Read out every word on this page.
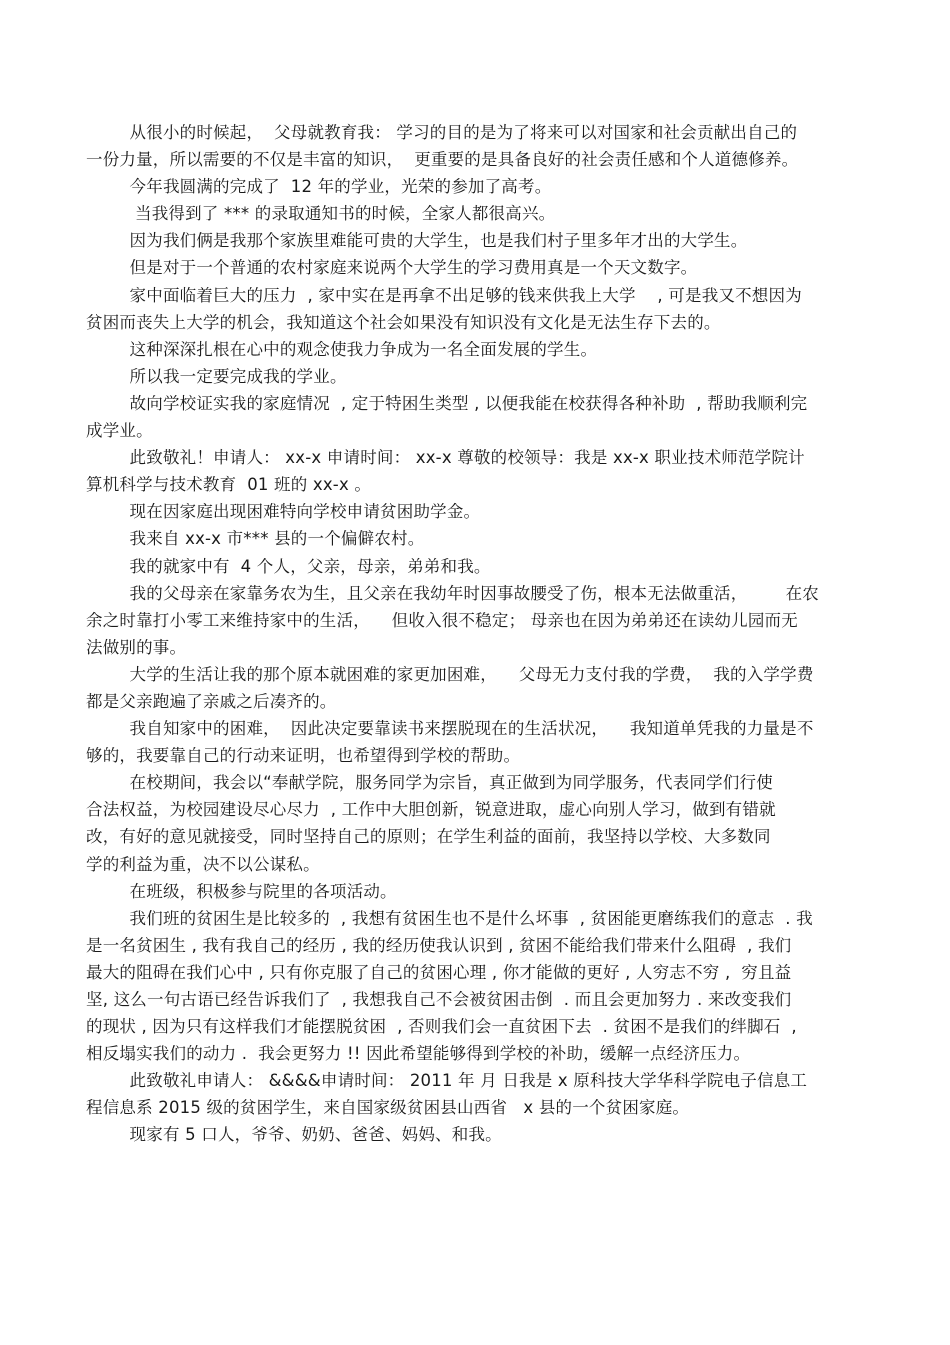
从很小的时候起，  父母就教育我： 学习的目的是为了将来可以对国家和社会贡献出自己的
一份力量，所以需要的不仅是丰富的知识，  更重要的是具备良好的社会责任感和个人道德修养。
今年我圆满的完成了  12 年的学业，光荣的参加了高考。
当我得到了 *** 的录取通知书的时候，全家人都很高兴。
因为我们俩是我那个家族里难能可贵的大学生，也是我们村子里多年才出的大学生。
但是对于一个普通的农村家庭来说两个大学生的学习费用真是一个天文数字。
家中面临着巨大的压力  , 家中实在是再拿不出足够的钱来供我上大学    , 可是我又不想因为
贫困而丧失上大学的机会，我知道这个社会如果没有知识没有文化是无法生存下去的。
这种深深扎根在心中的观念使我力争成为一名全面发展的学生。
所以我一定要完成我的学业。
故向学校证实我的家庭情况  , 定于特困生类型 , 以便我能在校获得各种补助  , 帮助我顺利完
成学业。
此致敬礼！申请人： xx-x 申请时间： xx-x 尊敬的校领导：我是 xx-x 职业技术师范学院计
算机科学与技术教育  01 班的 xx-x 。
现在因家庭出现困难特向学校申请贫困助学金。
我来自 xx-x 市*** 县的一个偏僻农村。
我的就家中有  4 个人，父亲，母亲，弟弟和我。
我的父母亲在家靠务农为生，且父亲在我幼年时因事故腰受了伤，根本无法做重活，       在农
余之时靠打小零工来维持家中的生活，    但收入很不稳定； 母亲也在因为弟弟还在读幼儿园而无
法做别的事。
大学的生活让我的那个原本就困难的家更加困难，    父母无力支付我的学费，  我的入学学费
都是父亲跑遍了亲戚之后凑齐的。
我自知家中的困难，  因此决定要靠读书来摆脱现在的生活状况，    我知道单凭我的力量是不
够的，我要靠自己的行动来证明，也希望得到学校的帮助。
在校期间，我会以“奉献学院，服务同学为宗旨，真正做到为同学服务，代表同学们行使
合法权益，为校园建设尽心尽力  , 工作中大胆创新，锐意进取，虚心向别人学习，做到有错就
改，有好的意见就接受，同时坚持自己的原则；在学生利益的面前，我坚持以学校、大多数同
学的利益为重，决不以公谋私。
在班级，积极参与院里的各项活动。
我们班的贫困生是比较多的  , 我想有贫困生也不是什么坏事  , 贫困能更磨练我们的意志  . 我
是一名贫困生 , 我有我自己的经历 , 我的经历使我认识到 , 贫困不能给我们带来什么阻碍  , 我们
最大的阻碍在我们心中 , 只有你克服了自己的贫困心理 , 你才能做的更好 , 人穷志不穷 ,  穷且益
坚, 这么一句古语已经告诉我们了  , 我想我自己不会被贫困击倒  . 而且会更加努力 . 来改变我们
的现状 , 因为只有这样我们才能摆脱贫困  , 否则我们会一直贫困下去  . 贫困不是我们的绊脚石  ,
相反塌实我们的动力 .  我会更努力 !! 因此希望能够得到学校的补助，缓解一点经济压力。
此致敬礼申请人： &&&&申请时间： 2011 年 月 日我是 x 原科技大学华科学院电子信息工
程信息系 2015 级的贫困学生，来自国家级贫困县山西省   x 县的一个贫困家庭。
现家有 5 口人，爷爷、奶奶、爸爸、妈妈、和我。
